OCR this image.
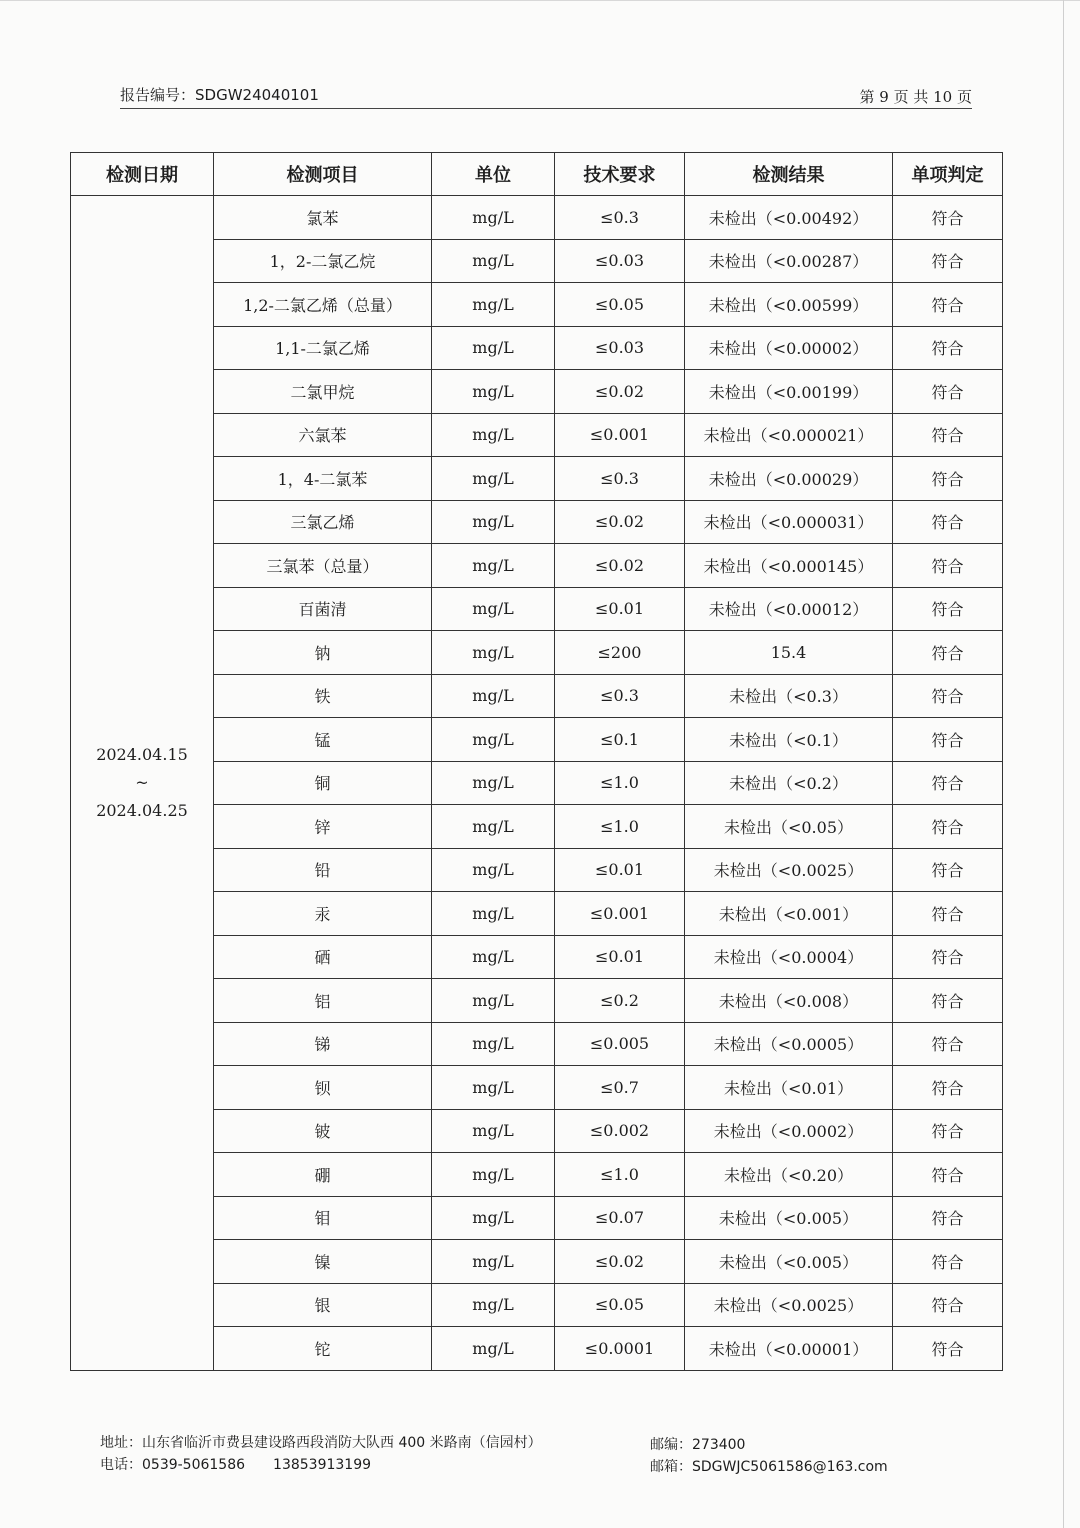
报告编号：SDGW24040101	第 9 页 共 10 页
检测日期	检测项目	单位	技术要求	检测结果	单项判定

2024.04.15
~
2024.04.25	氯苯	mg/L	≤0.3	未检出（<0.00492）	符合
	1，2-二氯乙烷	mg/L	≤0.03	未检出（<0.00287）	符合
	1,2-二氯乙烯（总量）	mg/L	≤0.05	未检出（<0.00599）	符合
	1,1-二氯乙烯	mg/L	≤0.03	未检出（<0.00002）	符合
	二氯甲烷	mg/L	≤0.02	未检出（<0.00199）	符合
	六氯苯	mg/L	≤0.001	未检出（<0.000021）	符合
	1，4-二氯苯	mg/L	≤0.3	未检出（<0.00029）	符合
	三氯乙烯	mg/L	≤0.02	未检出（<0.000031）	符合
	三氯苯（总量）	mg/L	≤0.02	未检出（<0.000145）	符合
	百菌清	mg/L	≤0.01	未检出（<0.00012）	符合
	钠	mg/L	≤200	15.4	符合
	铁	mg/L	≤0.3	未检出（<0.3）	符合
	锰	mg/L	≤0.1	未检出（<0.1）	符合
	铜	mg/L	≤1.0	未检出（<0.2）	符合
	锌	mg/L	≤1.0	未检出（<0.05）	符合
	铅	mg/L	≤0.01	未检出（<0.0025）	符合
	汞	mg/L	≤0.001	未检出（<0.001）	符合
	硒	mg/L	≤0.01	未检出（<0.0004）	符合
	铝	mg/L	≤0.2	未检出（<0.008）	符合
	锑	mg/L	≤0.005	未检出（<0.0005）	符合
	钡	mg/L	≤0.7	未检出（<0.01）	符合
	铍	mg/L	≤0.002	未检出（<0.0002）	符合
	硼	mg/L	≤1.0	未检出（<0.20）	符合
	钼	mg/L	≤0.07	未检出（<0.005）	符合
	镍	mg/L	≤0.02	未检出（<0.005）	符合
	银	mg/L	≤0.05	未检出（<0.0025）	符合
	铊	mg/L	≤0.0001	未检出（<0.00001）	符合
地址：山东省临沂市费县建设路西段消防大队西 400 米路南（信园村）
电话：0539-5061586　　13853913199
邮编：273400
邮箱：SDGWJC5061586@163.com
